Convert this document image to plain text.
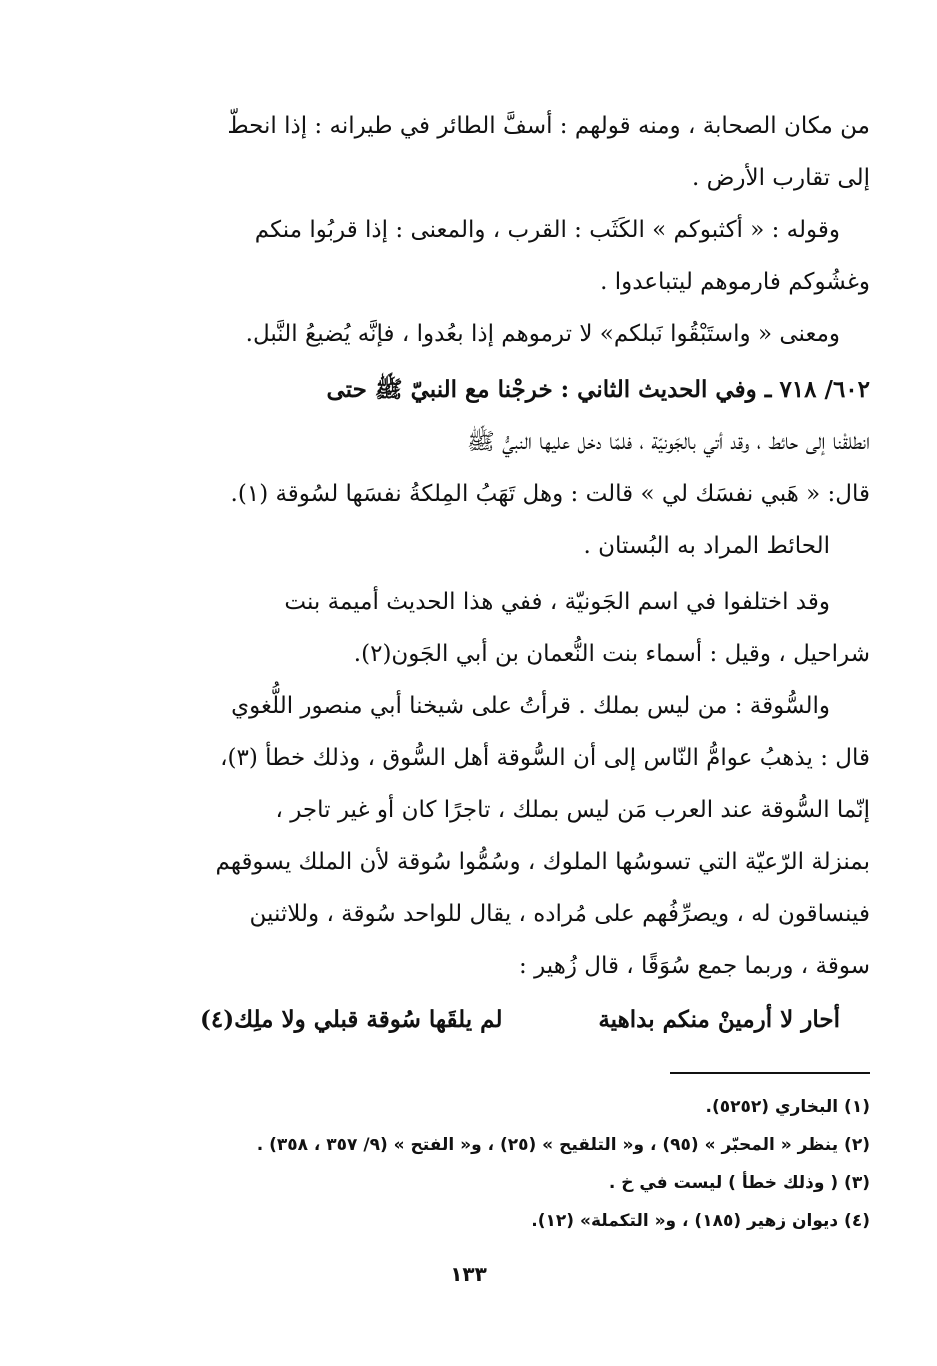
من مكان الصحابة ، ومنه قولهم : أسفَّ الطائر في طيرانه : إذا انحطّ
إلى تقارب الأرض .
وقوله : « أكثبوكم » الكَثَب : القرب ، والمعنى : إذا قربُوا منكم
وغشُوكم فارموهم ليتباعدوا .
ومعنى « واستَبْقُوا نَبلكم» لا ترموهم إذا بعُدوا ، فإنَّه يُضيعُ النَّبل.
٦٠٢/ ٧١٨ ـ وفي الحديث الثاني : خرجْنا مع النبيّ ﷺ حتى
انطلقْنا إلى حائط ، وقد أتي بالجَونيّة ، فلمّا دخل عليها النبيُّ ﷺ
قال: « هَبي نفسَك لي » قالت : وهل تَهَبُ المِلكةُ نفسَها لسُوقة (١).
الحائط المراد به البُستان .
وقد اختلفوا في اسم الجَونيّة ، ففي هذا الحديث أميمة بنت
شراحيل ، وقيل : أسماء بنت النُّعمان بن أبي الجَون(٢).
والسُّوقة : من ليس بملك . قرأتُ على شيخنا أبي منصور اللُّغوي
قال : يذهبُ عوامُّ النّاس إلى أن السُّوقة أهل السُّوق ، وذلك خطأ (٣)،
إنّما السُّوقة عند العرب مَن ليس بملك ، تاجرًا كان أو غير تاجر ،
بمنزلة الرّعيّة التي تسوسُها الملوك ، وسُمُّوا سُوقة لأن الملك يسوقهم
فينساقون له ، ويصرِّفُهم على مُراده ، يقال للواحد سُوقة ، وللاثنين
سوقة ، وربما جمع سُوَقًا ، قال زُهير :
أحار لا أرمينْ منكم بداهية
لم يلقَها سُوقة قبلي ولا ملِك(٤)
(١) البخاري (٥٢٥٢).
(٢) ينظر « المحبّر » (٩٥) ، و« التلقيح » (٢٥) ، و« الفتح » (٩/ ٣٥٧ ، ٣٥٨) .
(٣) ( وذلك خطأ ) ليست في خ .
(٤) ديوان زهير (١٨٥) ، و« التكملة» (١٢).
١٣٣
